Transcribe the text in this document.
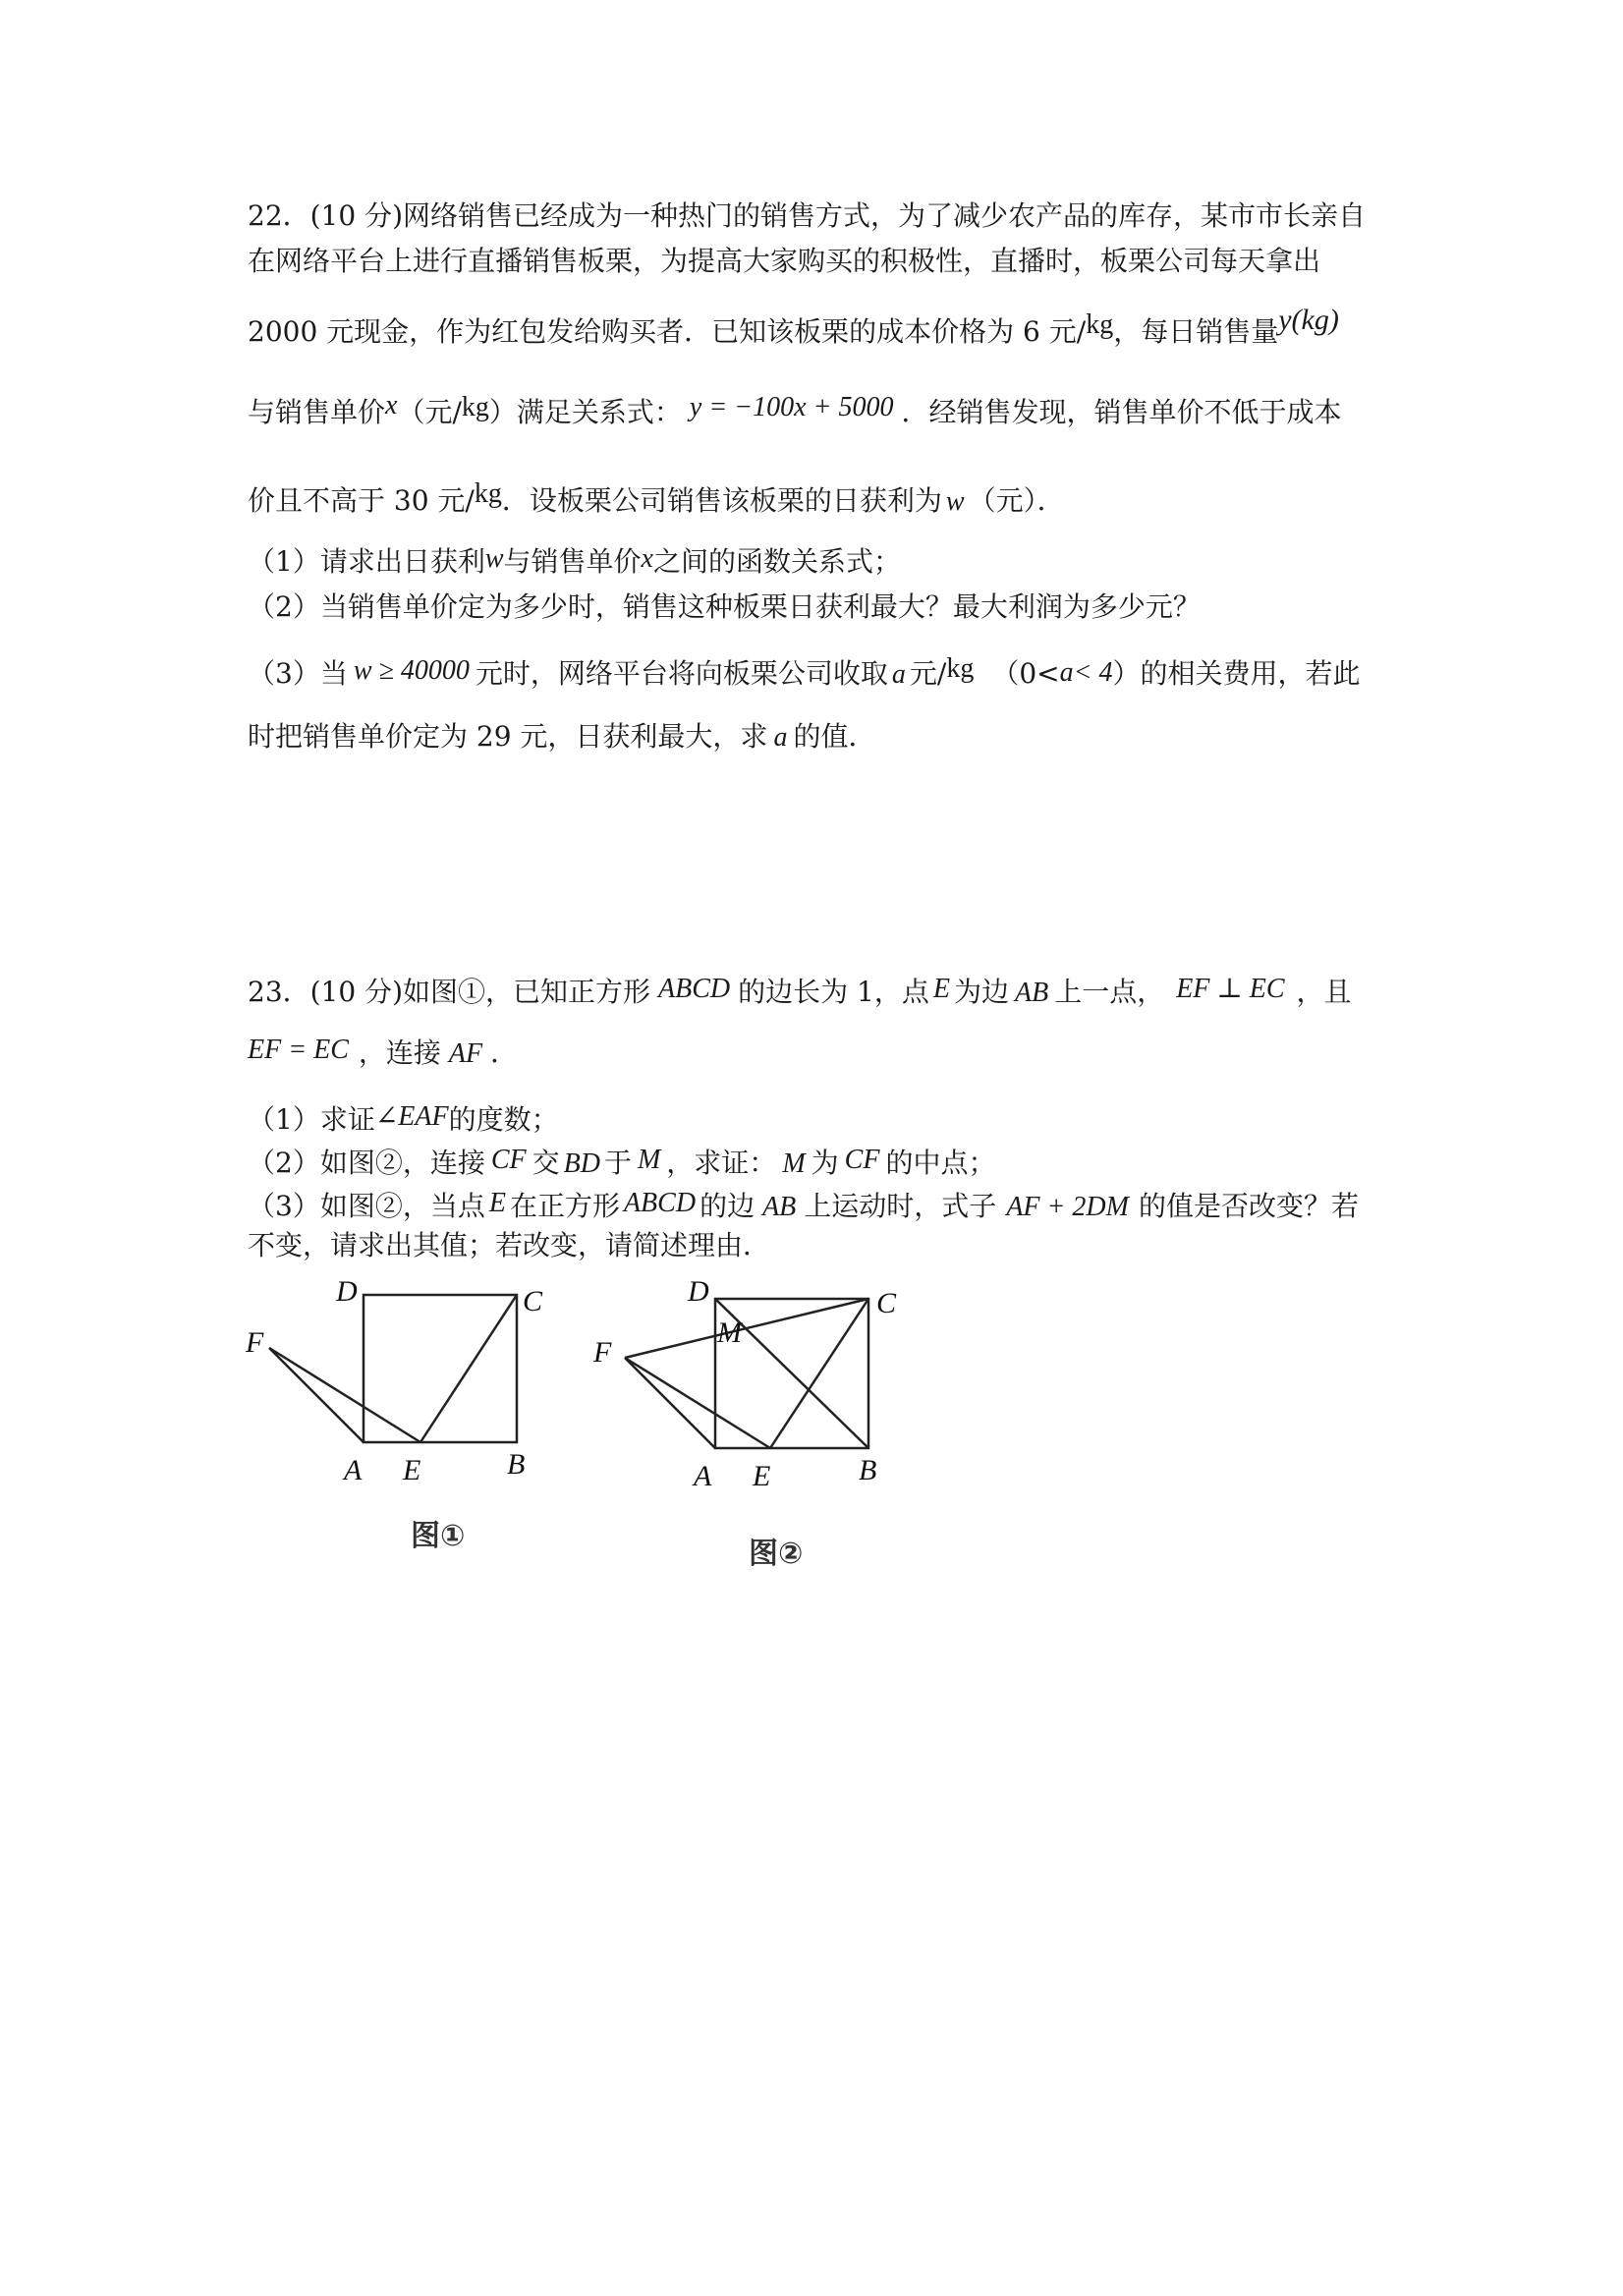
22．(10 分)网络销售已经成为一种热门的销售方式，为了减少农产品的库存，某市市长亲自
在网络平台上进行直播销售板栗，为提高大家购买的积极性，直播时，板栗公司每天拿出
2000 元现金，作为红包发给购买者．已知该板栗的成本价格为 6 元/kg，每日销售量y(kg)
与销售单价x（元/kg）满足关系式： y = −100x + 5000 ．经销售发现，销售单价不低于成本
价且不高于 30 元/kg．设板栗公司销售该板栗的日获利为 w （元）．
（1）请求出日获利w与销售单价x之间的函数关系式；
（2）当销售单价定为多少时，销售这种板栗日获利最大？最大利润为多少元？
（3）当 w ≥ 40000 元时，网络平台将向板栗公司收取 a 元/kg （0<a< 4）的相关费用，若此
时把销售单价定为 29 元，日获利最大，求 a 的值．
23．(10 分)如图①，已知正方形 ABCD 的边长为 1，点 E 为边 AB 上一点， EF ⊥ EC ，且
EF = EC ，连接 AF ．
（1）求证∠EAF的度数；
（2）如图②，连接 CF 交 BD 于 M ，求证： M 为 CF 的中点；
（3）如图②，当点 E 在正方形 ABCD 的边 AB 上运动时，式子 AF + 2DM 的值是否改变？若
不变，请求出其值；若改变，请简述理由．
D	C
F
A E	B
图①
D	C
F
M
A E	B
图②
